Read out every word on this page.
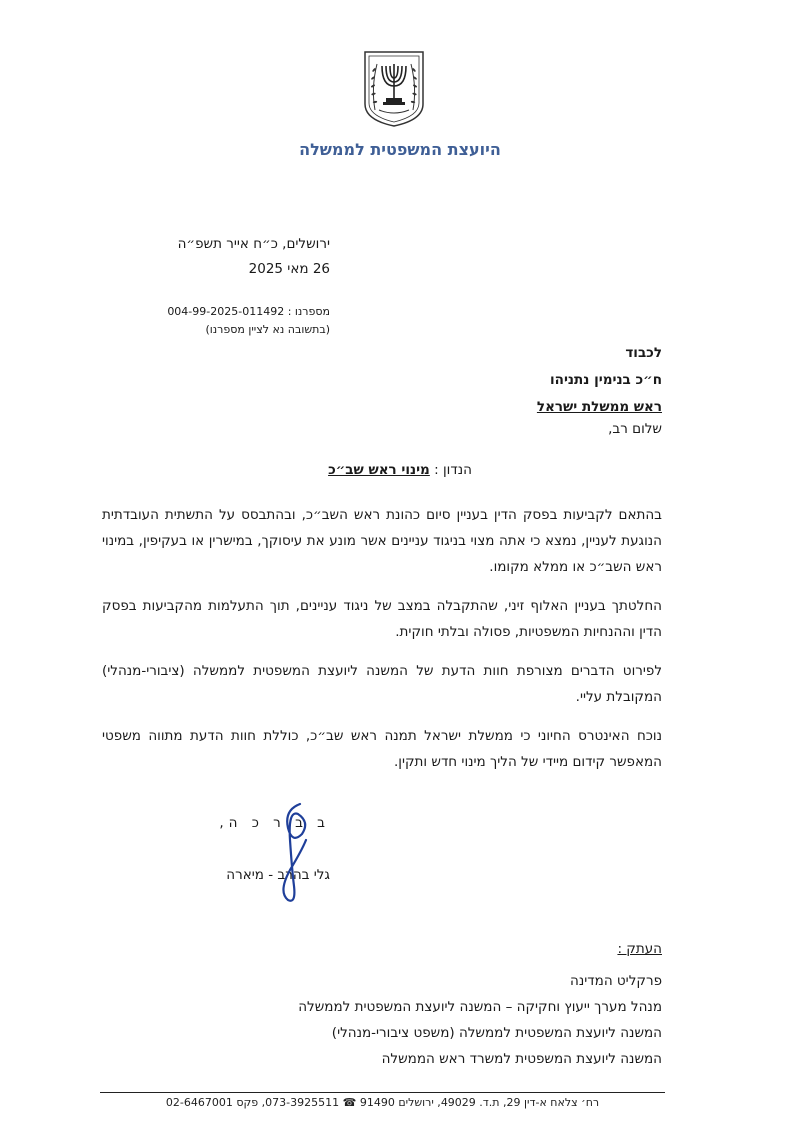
היועצת המשפטית לממשלה
ירושלים, כ״ח אייר תשפ״ה
26 מאי 2025
מספרנו : 004-99-2025-011492
(בתשובה נא לציין מספרנו)
לכבוד
ח״כ בנימין נתניהו
ראש ממשלת ישראל
שלום רב,
הנדון : מינוי ראש שב״כ

בהתאם לקביעות בפסק הדין בעניין סיום כהונת ראש השב״כ, ובהתבסס על התשתית העובדתית הנוגעת לעניין, נמצא כי אתה מצוי בניגוד עניינים אשר מונע את עיסוקך, במישרין או בעקיפין, במינוי ראש השב״כ או ממלא מקומו.

החלטתך בעניין האלוף זיני, שהתקבלה במצב של ניגוד עניינים, תוך התעלמות מהקביעות בפסק הדין וההנחיות המשפטיות, פסולה ובלתי חוקית.

לפירוט הדברים מצורפת חוות הדעת של המשנה ליועצת המשפטית לממשלה (ציבורי-מנהלי) המקובלת עליי.

נוכח האינטרס החיוני כי ממשלת ישראל תמנה ראש שב״כ, כוללת חוות הדעת מתווה משפטי המאפשר קידום מיידי של הליך מינוי חדש ותקין.

ב ב ר כ ה,
גלי בהרב - מיארה
העתק :
פרקליט המדינה
מנהל מערך ייעוץ וחקיקה – המשנה ליועצת המשפטית לממשלה
המשנה ליועצת המשפטית לממשלה (משפט ציבורי-מנהלי)
המשנה ליועצת המשפטית למשרד ראש הממשלה
רח׳ צלאח א-דין 29, ת.ד. 49029, ירושלים 91490 ☎ 073-3925511, פקס 02-6467001
